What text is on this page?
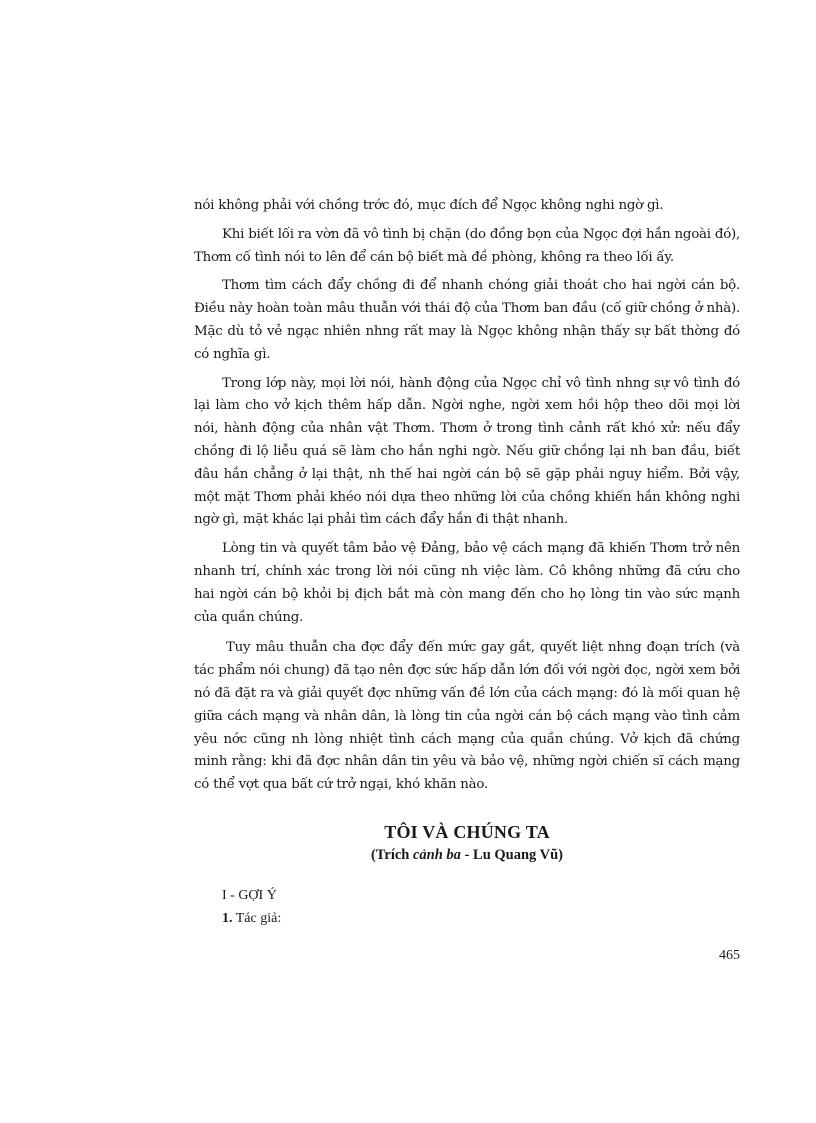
nói không phải với chồng trớc đó, mục đích để Ngọc không nghi ngờ gì.

Khi biết lối ra vờn đã vô tình bị chặn (do đồng bọn của Ngọc đợi hắn ngoài đó), Thơm cố tình nói to lên để cán bộ biết mà đề phòng, không ra theo lối ấy.

Thơm tìm cách đẩy chồng đi để nhanh chóng giải thoát cho hai ngời cán bộ. Điều này hoàn toàn mâu thuẫn với thái độ của Thơm ban đầu (cố giữ chồng ở nhà). Mặc dù tỏ vẻ ngạc nhiên nhng rất may là Ngọc không nhận thấy sự bất thờng đó có nghĩa gì.

Trong lớp này, mọi lời nói, hành động của Ngọc chỉ vô tình nhng sự vô tình đó lại làm cho vở kịch thêm hấp dẫn. Ngời nghe, ngời xem hồi hộp theo dõi mọi lời nói, hành động của nhân vật Thơm. Thơm ở trong tình cảnh rất khó xử: nếu đẩy chồng đi lộ liễu quá sẽ làm cho hắn nghi ngờ. Nếu giữ chồng lại nh ban đầu, biết đâu hắn chẳng ở lại thật, nh thế hai ngời cán bộ sẽ gặp phải nguy hiểm. Bởi vậy, một mặt Thơm phải khéo nói dựa theo những lời của chồng khiến hắn không nghi ngờ gì, mặt khác lại phải tìm cách đẩy hắn đi thật nhanh.

Lòng tin và quyết tâm bảo vệ Đảng, bảo vệ cách mạng đã khiến Thơm trở nên nhanh trí, chính xác trong lời nói cũng nh việc làm. Cô không những đã cứu cho hai ngời cán bộ khỏi bị địch bắt mà còn mang đến cho họ lòng tin vào sức mạnh của quần chúng.

Tuy mâu thuẫn cha đợc đẩy đến mức gay gắt, quyết liệt nhng đoạn trích (và tác phẩm nói chung) đã tạo nên đợc sức hấp dẫn lớn đối với ngời đọc, ngời xem bởi nó đã đặt ra và giải quyết đợc những vấn đề lớn của cách mạng: đó là mối quan hệ giữa cách mạng và nhân dân, là lòng tin của ngời cán bộ cách mạng vào tình cảm yêu nớc cũng nh lòng nhiệt tình cách mạng của quần chúng. Vở kịch đã chứng minh rằng: khi đã đợc nhân dân tin yêu và bảo vệ, những ngời chiến sĩ cách mạng có thể vợt qua bất cứ trở ngại, khó khăn nào.

TÔI VÀ CHÚNG TA
(Trích cảnh ba - Lu Quang Vũ)
I - GỢI Ý
1. Tác giả:
465
